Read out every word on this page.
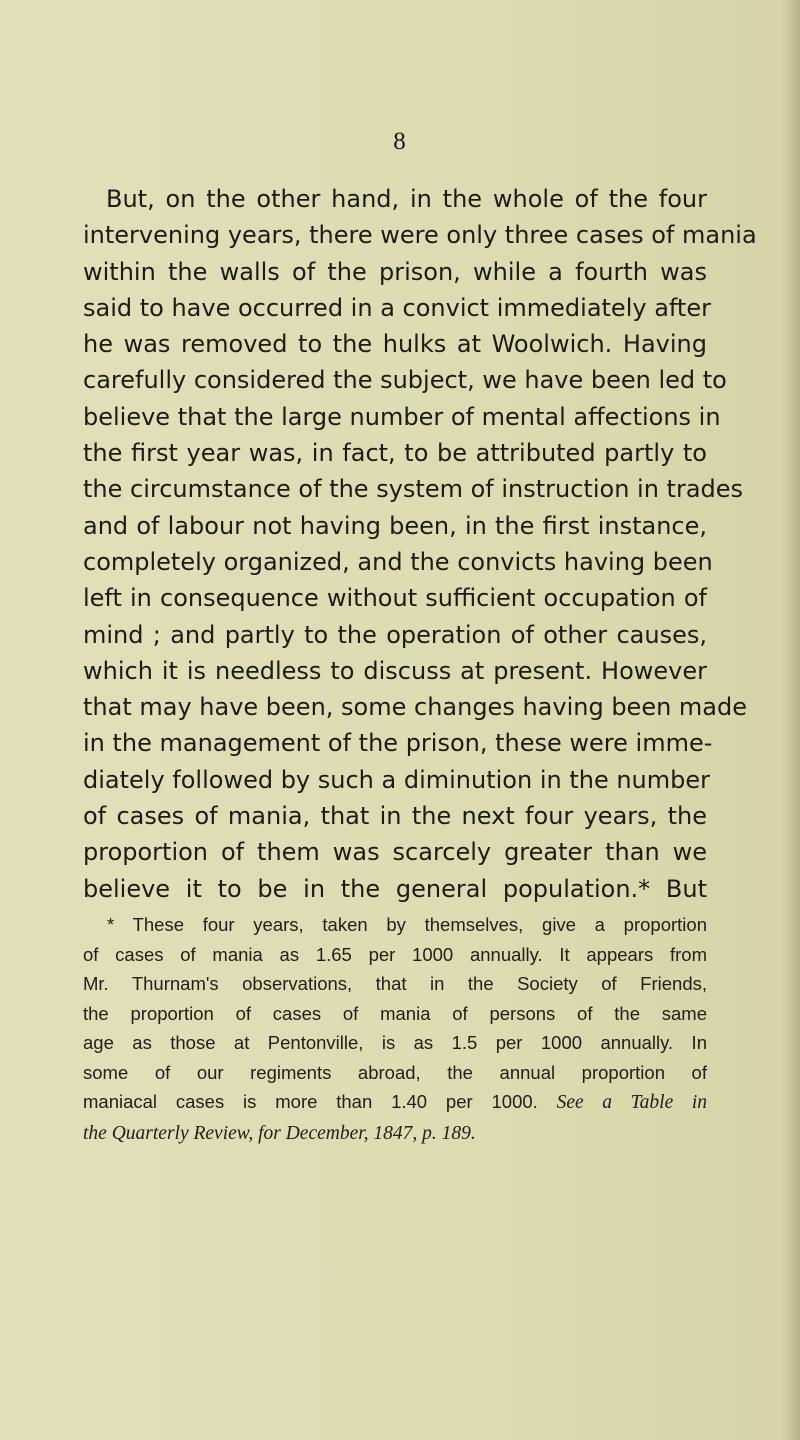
8
But, on the other hand, in the whole of the four
intervening years, there were only three cases of mania
within the walls of the prison, while a fourth was
said to have occurred in a convict immediately after
he was removed to the hulks at Woolwich. Having
carefully considered the subject, we have been led to
believe that the large number of mental affections in
the first year was, in fact, to be attributed partly to
the circumstance of the system of instruction in trades
and of labour not having been, in the first instance,
completely organized, and the convicts having been
left in consequence without sufficient occupation of
mind ; and partly to the operation of other causes,
which it is needless to discuss at present. However
that may have been, some changes having been made
in the management of the prison, these were imme-
diately followed by such a diminution in the number
of cases of mania, that in the next four years, the
proportion of them was scarcely greater than we
believe it to be in the general population.* But
* These four years, taken by themselves, give a proportion
of cases of mania as 1.65 per 1000 annually. It appears from
Mr. Thurnam's observations, that in the Society of Friends,
the proportion of cases of mania of persons of the same
age as those at Pentonville, is as 1.5 per 1000 annually. In
some of our regiments abroad, the annual proportion of
maniacal cases is more than 1.40 per 1000. See a Table in
the Quarterly Review, for December, 1847, p. 189.
